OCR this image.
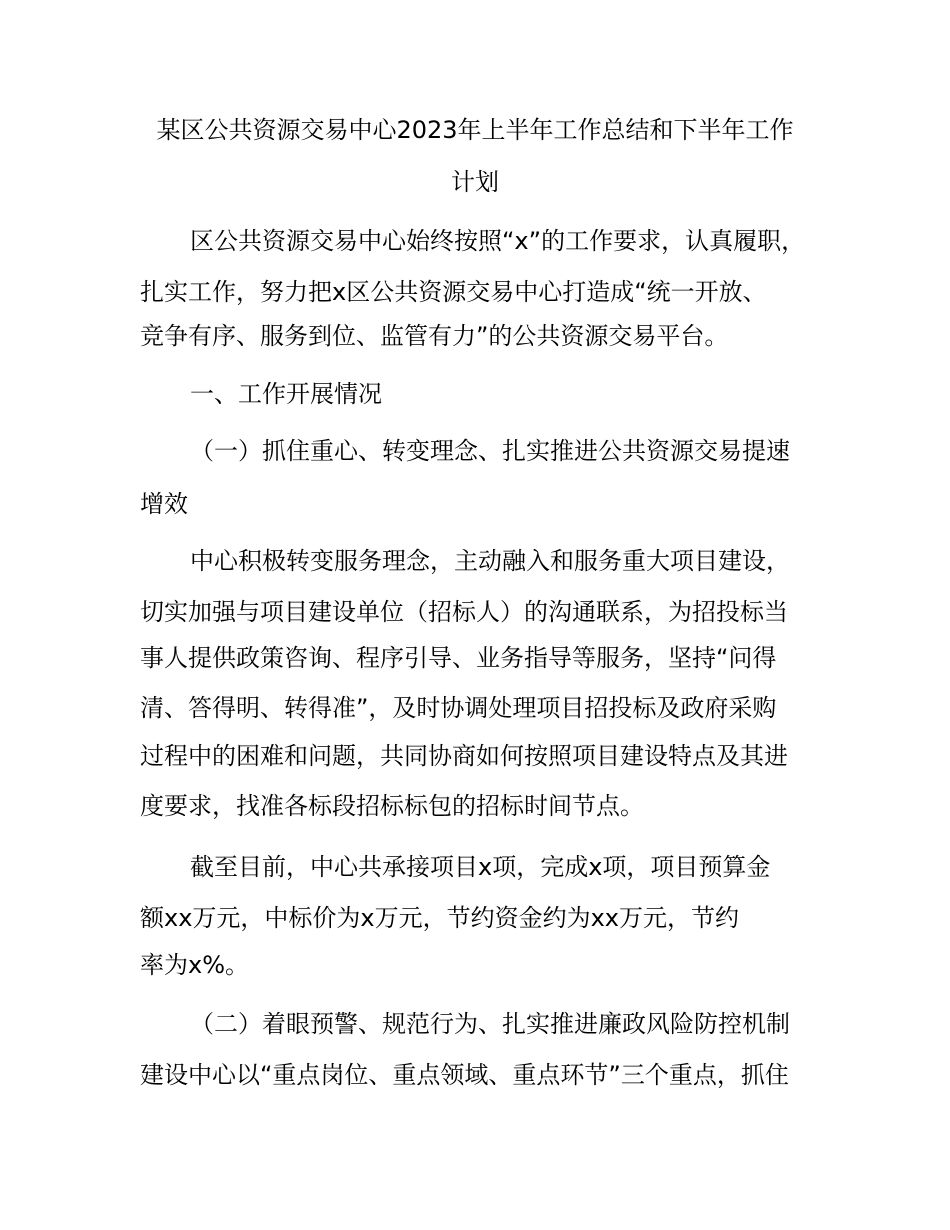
某区公共资源交易中心2023年上半年工作总结和下半年工作
计划

区公共资源交易中心始终按照“x”的工作要求，认真履职，

扎实工作，努力把x区公共资源交易中心打造成“统一开放、

竞争有序、服务到位、监管有力”的公共资源交易平台。

一、工作开展情况

（一）抓住重心、转变理念、扎实推进公共资源交易提速

增效

中心积极转变服务理念，主动融入和服务重大项目建设，

切实加强与项目建设单位（招标人）的沟通联系，为招投标当

事人提供政策咨询、程序引导、业务指导等服务，坚持“问得

清、答得明、转得准”，及时协调处理项目招投标及政府采购

过程中的困难和问题，共同协商如何按照项目建设特点及其进

度要求，找准各标段招标标包的招标时间节点。

截至目前，中心共承接项目x项，完成x项，项目预算金

额xx万元，中标价为x万元，节约资金约为xx万元，节约

率为x%。

（二）着眼预警、规范行为、扎实推进廉政风险防控机制

建设中心以“重点岗位、重点领域、重点环节”三个重点，抓住
